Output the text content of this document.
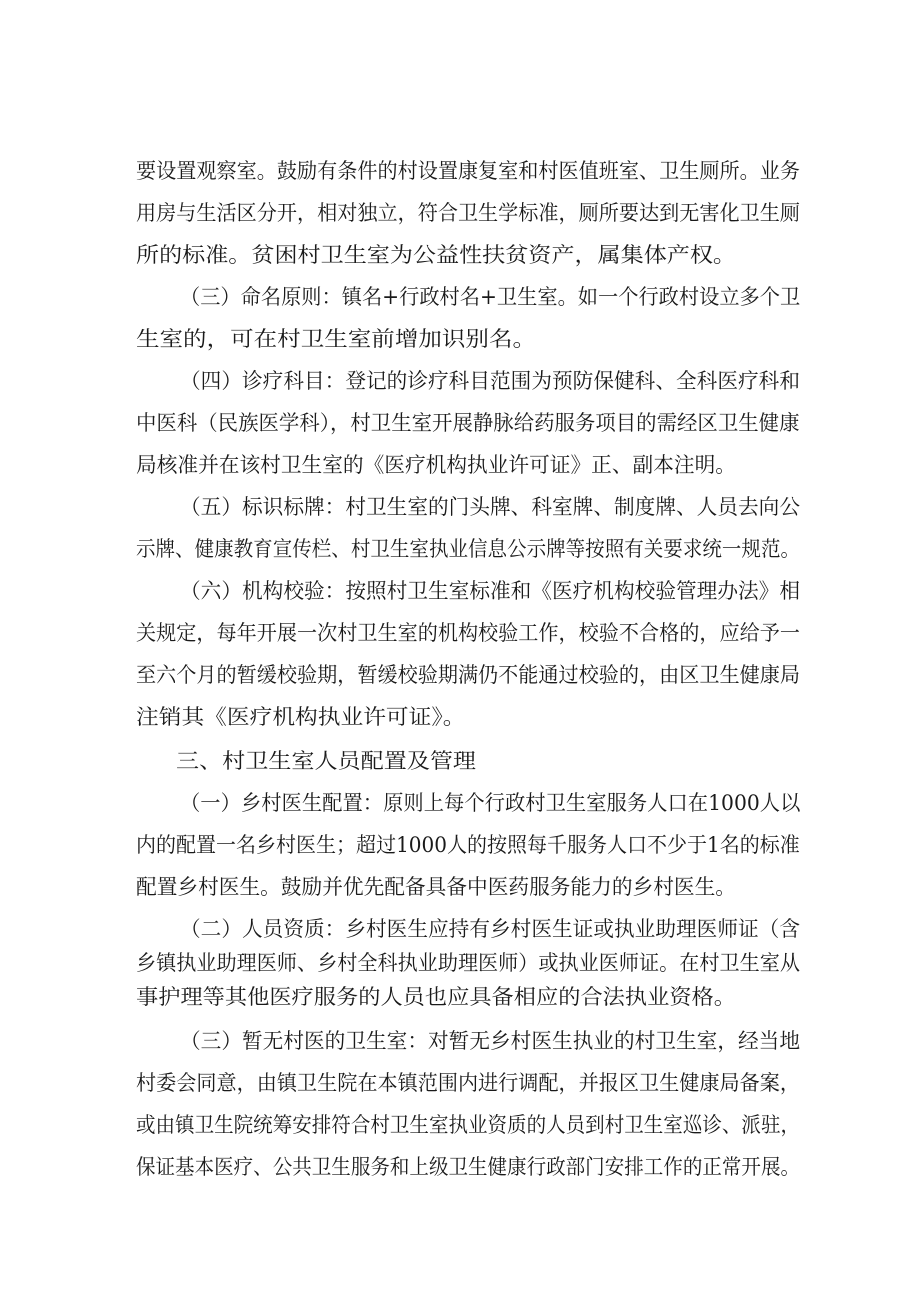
要设置观察室。鼓励有条件的村设置康复室和村医值班室、卫生厕所。业务

用房与生活区分开，相对独立，符合卫生学标准，厕所要达到无害化卫生厕

所的标准。贫困村卫生室为公益性扶贫资产，属集体产权。

（三）命名原则：镇名+行政村名+卫生室。如一个行政村设立多个卫

生室的，可在村卫生室前增加识别名。

（四）诊疗科目：登记的诊疗科目范围为预防保健科、全科医疗科和

中医科（民族医学科），村卫生室开展静脉给药服务项目的需经区卫生健康

局核准并在该村卫生室的《医疗机构执业许可证》正、副本注明。

（五）标识标牌：村卫生室的门头牌、科室牌、制度牌、人员去向公

示牌、健康教育宣传栏、村卫生室执业信息公示牌等按照有关要求统一规范。

（六）机构校验：按照村卫生室标准和《医疗机构校验管理办法》相

关规定，每年开展一次村卫生室的机构校验工作，校验不合格的，应给予一

至六个月的暂缓校验期，暂缓校验期满仍不能通过校验的，由区卫生健康局

注销其《医疗机构执业许可证》。

三、村卫生室人员配置及管理

（一）乡村医生配置：原则上每个行政村卫生室服务人口在1000人以

内的配置一名乡村医生；超过1000人的按照每千服务人口不少于1名的标准

配置乡村医生。鼓励并优先配备具备中医药服务能力的乡村医生。

（二）人员资质：乡村医生应持有乡村医生证或执业助理医师证（含

乡镇执业助理医师、乡村全科执业助理医师）或执业医师证。在村卫生室从

事护理等其他医疗服务的人员也应具备相应的合法执业资格。

（三）暂无村医的卫生室：对暂无乡村医生执业的村卫生室，经当地

村委会同意，由镇卫生院在本镇范围内进行调配，并报区卫生健康局备案，

或由镇卫生院统筹安排符合村卫生室执业资质的人员到村卫生室巡诊、派驻，

保证基本医疗、公共卫生服务和上级卫生健康行政部门安排工作的正常开展。
